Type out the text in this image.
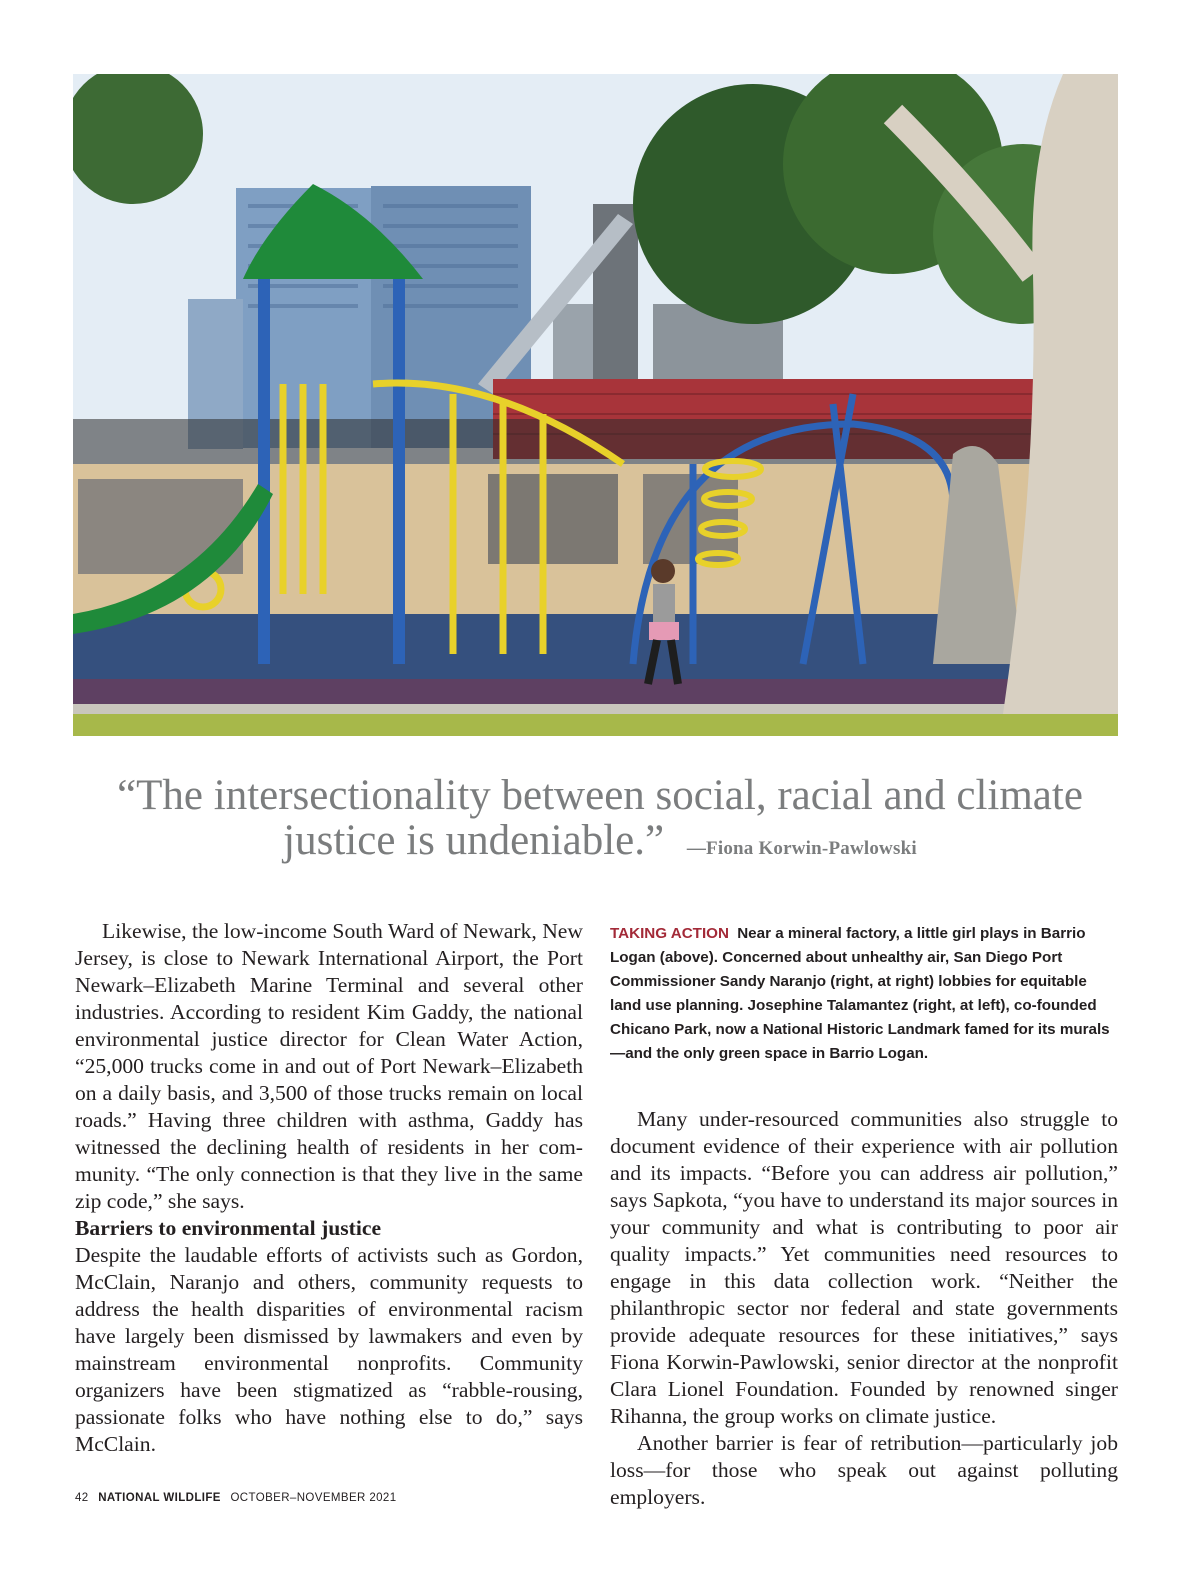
“The intersectionality between social, racial and climate justice is undeniable.” —Fiona Korwin-Pawlowski

Likewise, the low-income South Ward of Newark, New Jersey, is close to Newark International Airport, the Port Newark–Elizabeth Marine Terminal and several other industries. According to resident Kim Gaddy, the national environmental justice director for Clean Water Action, “25,000 trucks come in and out of Port Newark–Elizabeth on a daily basis, and 3,500 of those trucks remain on local roads.” Having three children with asthma, Gaddy has witnessed the declining health of residents in her community. “The only connection is that they live in the same zip code,” she says.

Barriers to environmental justice

Despite the laudable efforts of activists such as Gordon, McClain, Naranjo and others, community requests to address the health disparities of environmental racism have largely been dismissed by lawmakers and even by mainstream environmental nonprofits. Community organizers have been stigmatized as “rabble-rousing, passionate folks who have nothing else to do,” says McClain.

TAKING ACTION Near a mineral factory, a little girl plays in Barrio Logan (above). Concerned about unhealthy air, San Diego Port Commissioner Sandy Naranjo (right, at right) lobbies for equitable land use planning. Josephine Talamantez (right, at left), co-founded Chicano Park, now a National Historic Landmark famed for its murals—and the only green space in Barrio Logan.

Many under-resourced communities also struggle to document evidence of their experience with air pollution and its impacts. “Before you can address air pollution,” says Sapkota, “you have to understand its major sources in your community and what is contributing to poor air quality impacts.” Yet communities need resources to engage in this data collection work. “Neither the philanthropic sector nor federal and state governments provide adequate resources for these initiatives,” says Fiona Korwin-Pawlowski, senior director at the nonprofit Clara Lionel Foundation. Founded by renowned singer Rihanna, the group works on climate justice.

Another barrier is fear of retribution—particularly job loss—for those who speak out against polluting employers.

42 NATIONAL WILDLIFE OCTOBER–NOVEMBER 2021
